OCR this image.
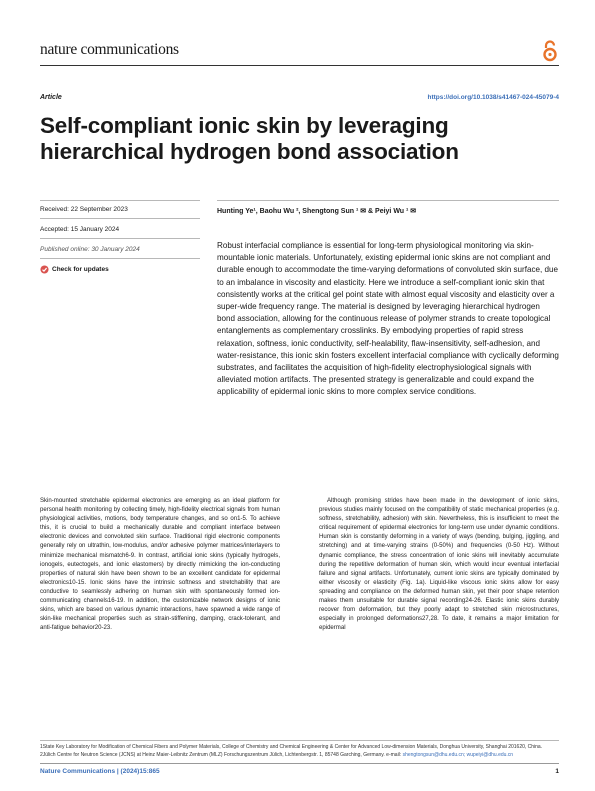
nature communications
Article	https://doi.org/10.1038/s41467-024-45079-4
Self-compliant ionic skin by leveraging hierarchical hydrogen bond association
Received: 22 September 2023
Accepted: 15 January 2024
Published online: 30 January 2024
Check for updates
Hunting Ye¹, Baohu Wu ², Shengtong Sun ¹ ✉ & Peiyi Wu ¹ ✉

Robust interfacial compliance is essential for long-term physiological monitoring via skin-mountable ionic materials. Unfortunately, existing epidermal ionic skins are not compliant and durable enough to accommodate the time-varying deformations of convoluted skin surface, due to an imbalance in viscosity and elasticity. Here we introduce a self-compliant ionic skin that consistently works at the critical gel point state with almost equal viscosity and elasticity over a super-wide frequency range. The material is designed by leveraging hierarchical hydrogen bond association, allowing for the continuous release of polymer strands to create topological entanglements as complementary crosslinks. By embodying properties of rapid stress relaxation, softness, ionic conductivity, self-healability, flaw-insensitivity, self-adhesion, and water-resistance, this ionic skin fosters excellent interfacial compliance with cyclically deforming substrates, and facilitates the acquisition of high-fidelity electrophysiological signals with alleviated motion artifacts. The presented strategy is generalizable and could expand the applicability of epidermal ionic skins to more complex service conditions.

Skin-mounted stretchable epidermal electronics are emerging as an ideal platform for personal health monitoring by collecting timely, high-fidelity electrical signals from human physiological activities, motions, body temperature changes, and so on1-5. To achieve this, it is crucial to build a mechanically durable and compliant interface between electronic devices and convoluted skin surface. Traditional rigid electronic components generally rely on ultrathin, low-modulus, and/or adhesive polymer matrices/interlayers to minimize mechanical mismatch6-9. In contrast, artificial ionic skins (typically hydrogels, ionogels, eutectogels, and ionic elastomers) by directly mimicking the ion-conducting properties of natural skin have been shown to be an excellent candidate for epidermal electronics10-15. Ionic skins have the intrinsic softness and stretchability that are conductive to seamlessly adhering on human skin with spontaneously formed ion-communicating channels16-19. In addition, the customizable network designs of ionic skins, which are based on various dynamic interactions, have spawned a wide range of skin-like mechanical properties such as strain-stiffening, damping, crack-tolerant, and anti-fatigue behavior20-23.

Although promising strides have been made in the development of ionic skins, previous studies mainly focused on the compatibility of static mechanical properties (e.g. softness, stretchability, adhesion) with skin. Nevertheless, this is insufficient to meet the critical requirement of epidermal electronics for long-term use under dynamic conditions. Human skin is constantly deforming in a variety of ways (bending, bulging, jiggling, and stretching) and at time-varying strains (0-50%) and frequencies (0-50 Hz). Without dynamic compliance, the stress concentration of ionic skins will inevitably accumulate during the repetitive deformation of human skin, which would incur eventual interfacial failure and signal artifacts. Unfortunately, current ionic skins are typically dominated by either viscosity or elasticity (Fig. 1a). Liquid-like viscous ionic skins allow for easy spreading and compliance on the deformed human skin, yet their poor shape retention makes them unsuitable for durable signal recording24-26. Elastic ionic skins durably recover from deformation, but they poorly adapt to stretched skin microstructures, especially in prolonged deformations27,28. To date, it remains a major limitation for epidermal

1State Key Laboratory for Modification of Chemical Fibers and Polymer Materials, College of Chemistry and Chemical Engineering & Center for Advanced Low-dimension Materials, Donghua University, Shanghai 201620, China. 2Jülich Centre for Neutron Science (JCNS) at Heinz Maier-Leibnitz Zentrum (MLZ) Forschungszentrum Jülich, Lichtenbergstr. 1, 85748 Garching, Germany. e-mail: shengtongsun@dhu.edu.cn; wupeiyi@dhu.edu.cn
Nature Communications | (2024)15:865	1
